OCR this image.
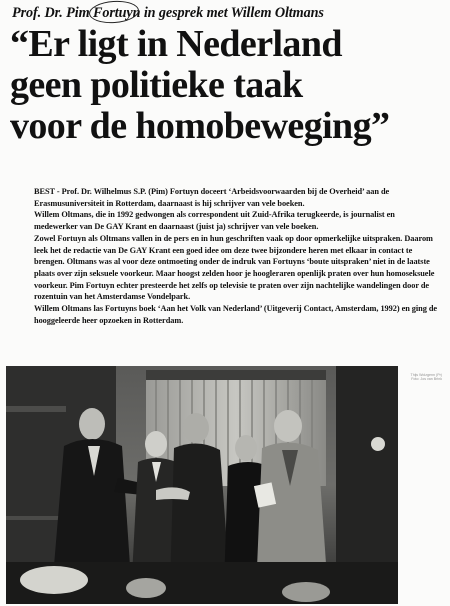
Prof. Dr. Pim
Fortuyn in gesprek met Willem Oltmans
“Er ligt in Nederland
geen politieke taak
voor de homobeweging”

BEST - Prof. Dr. Wilhelmus S.P. (Pim) Fortuyn doceert ‘Arbeidsvoorwaarden bij de Overheid’ aan de Erasmusuniversiteit in Rotterdam, daarnaast is hij schrijver van vele boeken.

Willem Oltmans, die in 1992 gedwongen als correspondent uit Zuid-Afrika terugkeerde, is journalist en medewerker van De GAY Krant en daarnaast (juist ja) schrijver van vele boeken.

Zowel Fortuyn als Oltmans vallen in de pers en in hun geschriften vaak op door opmerkelijke uitspraken. Daarom leek het de redactie van De GAY Krant een goed idee om deze twee bijzondere heren met elkaar in contact te brengen. Oltmans was al voor deze ontmoeting onder de indruk van Fortuyns ‘boute uitspraken’ niet in de laatste plaats over zijn seksuele voorkeur. Maar hoogst zelden hoor je hoogleraren openlijk praten over hun homoseksuele voorkeur. Pim Fortuyn echter presteerde het zelfs op televisie te praten over zijn nachtelijke wandelingen door de rozentuin van het Amsterdamse Vondelpark.

Willem Oltmans las Fortuyns boek ‘Aan het Volk van Nederland’ (Uitgeverij Contact, Amsterdam, 1992) en ging de hooggeleerde heer opzoeken in Rotterdam.

Thijs Wolzgenn (Pr)
Foto: Jos van Brink
